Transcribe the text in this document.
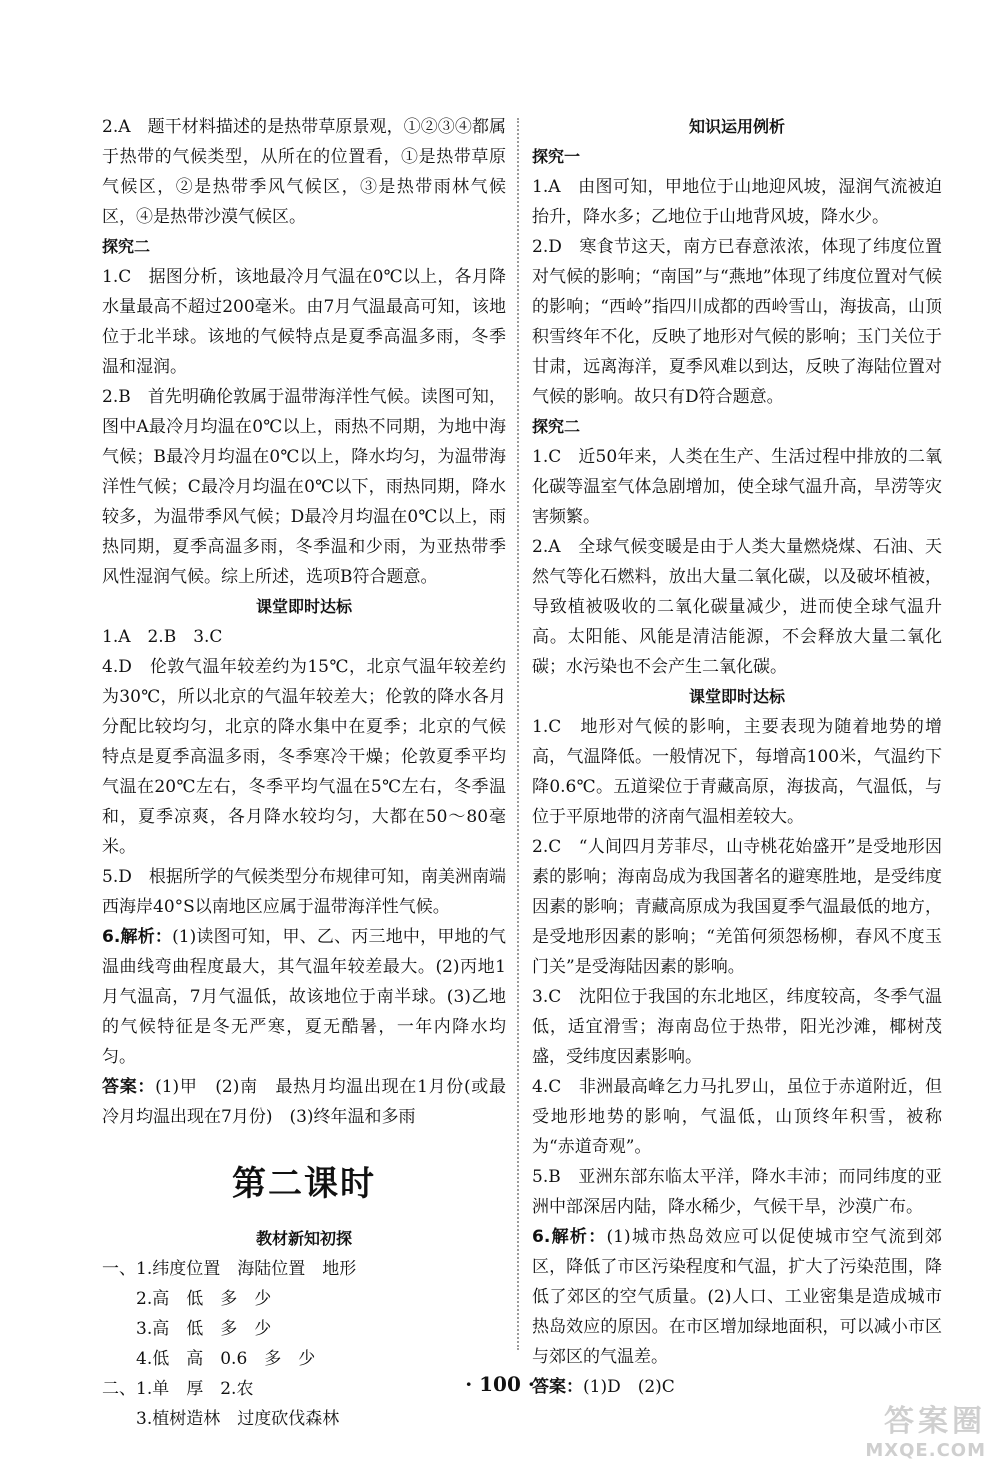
2.A　题干材料描述的是热带草原景观，①②③④都属于热带的气候类型，从所在的位置看，①是热带草原气候区，②是热带季风气候区，③是热带雨林气候区，④是热带沙漠气候区。

探究二

1.C　据图分析，该地最冷月气温在0℃以上，各月降水量最高不超过200毫米。由7月气温最高可知，该地位于北半球。该地的气候特点是夏季高温多雨，冬季温和湿润。

2.B　首先明确伦敦属于温带海洋性气候。读图可知，图中A最冷月均温在0℃以上，雨热不同期，为地中海气候；B最冷月均温在0℃以上，降水均匀，为温带海洋性气候；C最冷月均温在0℃以下，雨热同期，降水较多，为温带季风气候；D最冷月均温在0℃以上，雨热同期，夏季高温多雨，冬季温和少雨，为亚热带季风性湿润气候。综上所述，选项B符合题意。

课堂即时达标

1.A　2.B　3.C

4.D　伦敦气温年较差约为15℃，北京气温年较差约为30℃，所以北京的气温年较差大；伦敦的降水各月分配比较均匀，北京的降水集中在夏季；北京的气候特点是夏季高温多雨，冬季寒冷干燥；伦敦夏季平均气温在20℃左右，冬季平均气温在5℃左右，冬季温和，夏季凉爽，各月降水较均匀，大都在50～80毫米。

5.D　根据所学的气候类型分布规律可知，南美洲南端西海岸40°S以南地区应属于温带海洋性气候。

6.解析：(1)读图可知，甲、乙、丙三地中，甲地的气温曲线弯曲程度最大，其气温年较差最大。(2)丙地1月气温高，7月气温低，故该地位于南半球。(3)乙地的气候特征是冬无严寒，夏无酷暑，一年内降水均匀。

答案：(1)甲　(2)南　最热月均温出现在1月份(或最冷月均温出现在7月份)　(3)终年温和多雨

第二课时

教材新知初探

一、1.纬度位置　海陆位置　地形

2.高　低　多　少

3.高　低　多　少

4.低　高　0.6　多　少

二、1.单　厚　2.农

3.植树造林　过度砍伐森林

知识运用例析

探究一

1.A　由图可知，甲地位于山地迎风坡，湿润气流被迫抬升，降水多；乙地位于山地背风坡，降水少。

2.D　寒食节这天，南方已春意浓浓，体现了纬度位置对气候的影响；“南国”与“燕地”体现了纬度位置对气候的影响；“西岭”指四川成都的西岭雪山，海拔高，山顶积雪终年不化，反映了地形对气候的影响；玉门关位于甘肃，远离海洋，夏季风难以到达，反映了海陆位置对气候的影响。故只有D符合题意。

探究二

1.C　近50年来，人类在生产、生活过程中排放的二氧化碳等温室气体急剧增加，使全球气温升高，旱涝等灾害频繁。

2.A　全球气候变暖是由于人类大量燃烧煤、石油、天然气等化石燃料，放出大量二氧化碳，以及破坏植被，导致植被吸收的二氧化碳量减少，进而使全球气温升高。太阳能、风能是清洁能源，不会释放大量二氧化碳；水污染也不会产生二氧化碳。

课堂即时达标

1.C　地形对气候的影响，主要表现为随着地势的增高，气温降低。一般情况下，每增高100米，气温约下降0.6℃。五道梁位于青藏高原，海拔高，气温低，与位于平原地带的济南气温相差较大。

2.C　“人间四月芳菲尽，山寺桃花始盛开”是受地形因素的影响；海南岛成为我国著名的避寒胜地，是受纬度因素的影响；青藏高原成为我国夏季气温最低的地方，是受地形因素的影响；“羌笛何须怨杨柳，春风不度玉门关”是受海陆因素的影响。

3.C　沈阳位于我国的东北地区，纬度较高，冬季气温低，适宜滑雪；海南岛位于热带，阳光沙滩，椰树茂盛，受纬度因素影响。

4.C　非洲最高峰乞力马扎罗山，虽位于赤道附近，但受地形地势的影响，气温低，山顶终年积雪，被称为“赤道奇观”。

5.B　亚洲东部东临太平洋，降水丰沛；而同纬度的亚洲中部深居内陆，降水稀少，气候干旱，沙漠广布。

6.解析：(1)城市热岛效应可以促使城市空气流到郊区，降低了市区污染程度和气温，扩大了污染范围，降低了郊区的空气质量。(2)人口、工业密集是造成城市热岛效应的原因。在市区增加绿地面积，可以减小市区与郊区的气温差。

答案：(1)D　(2)C

· 100 ·
答案圈
MXQE.COM
